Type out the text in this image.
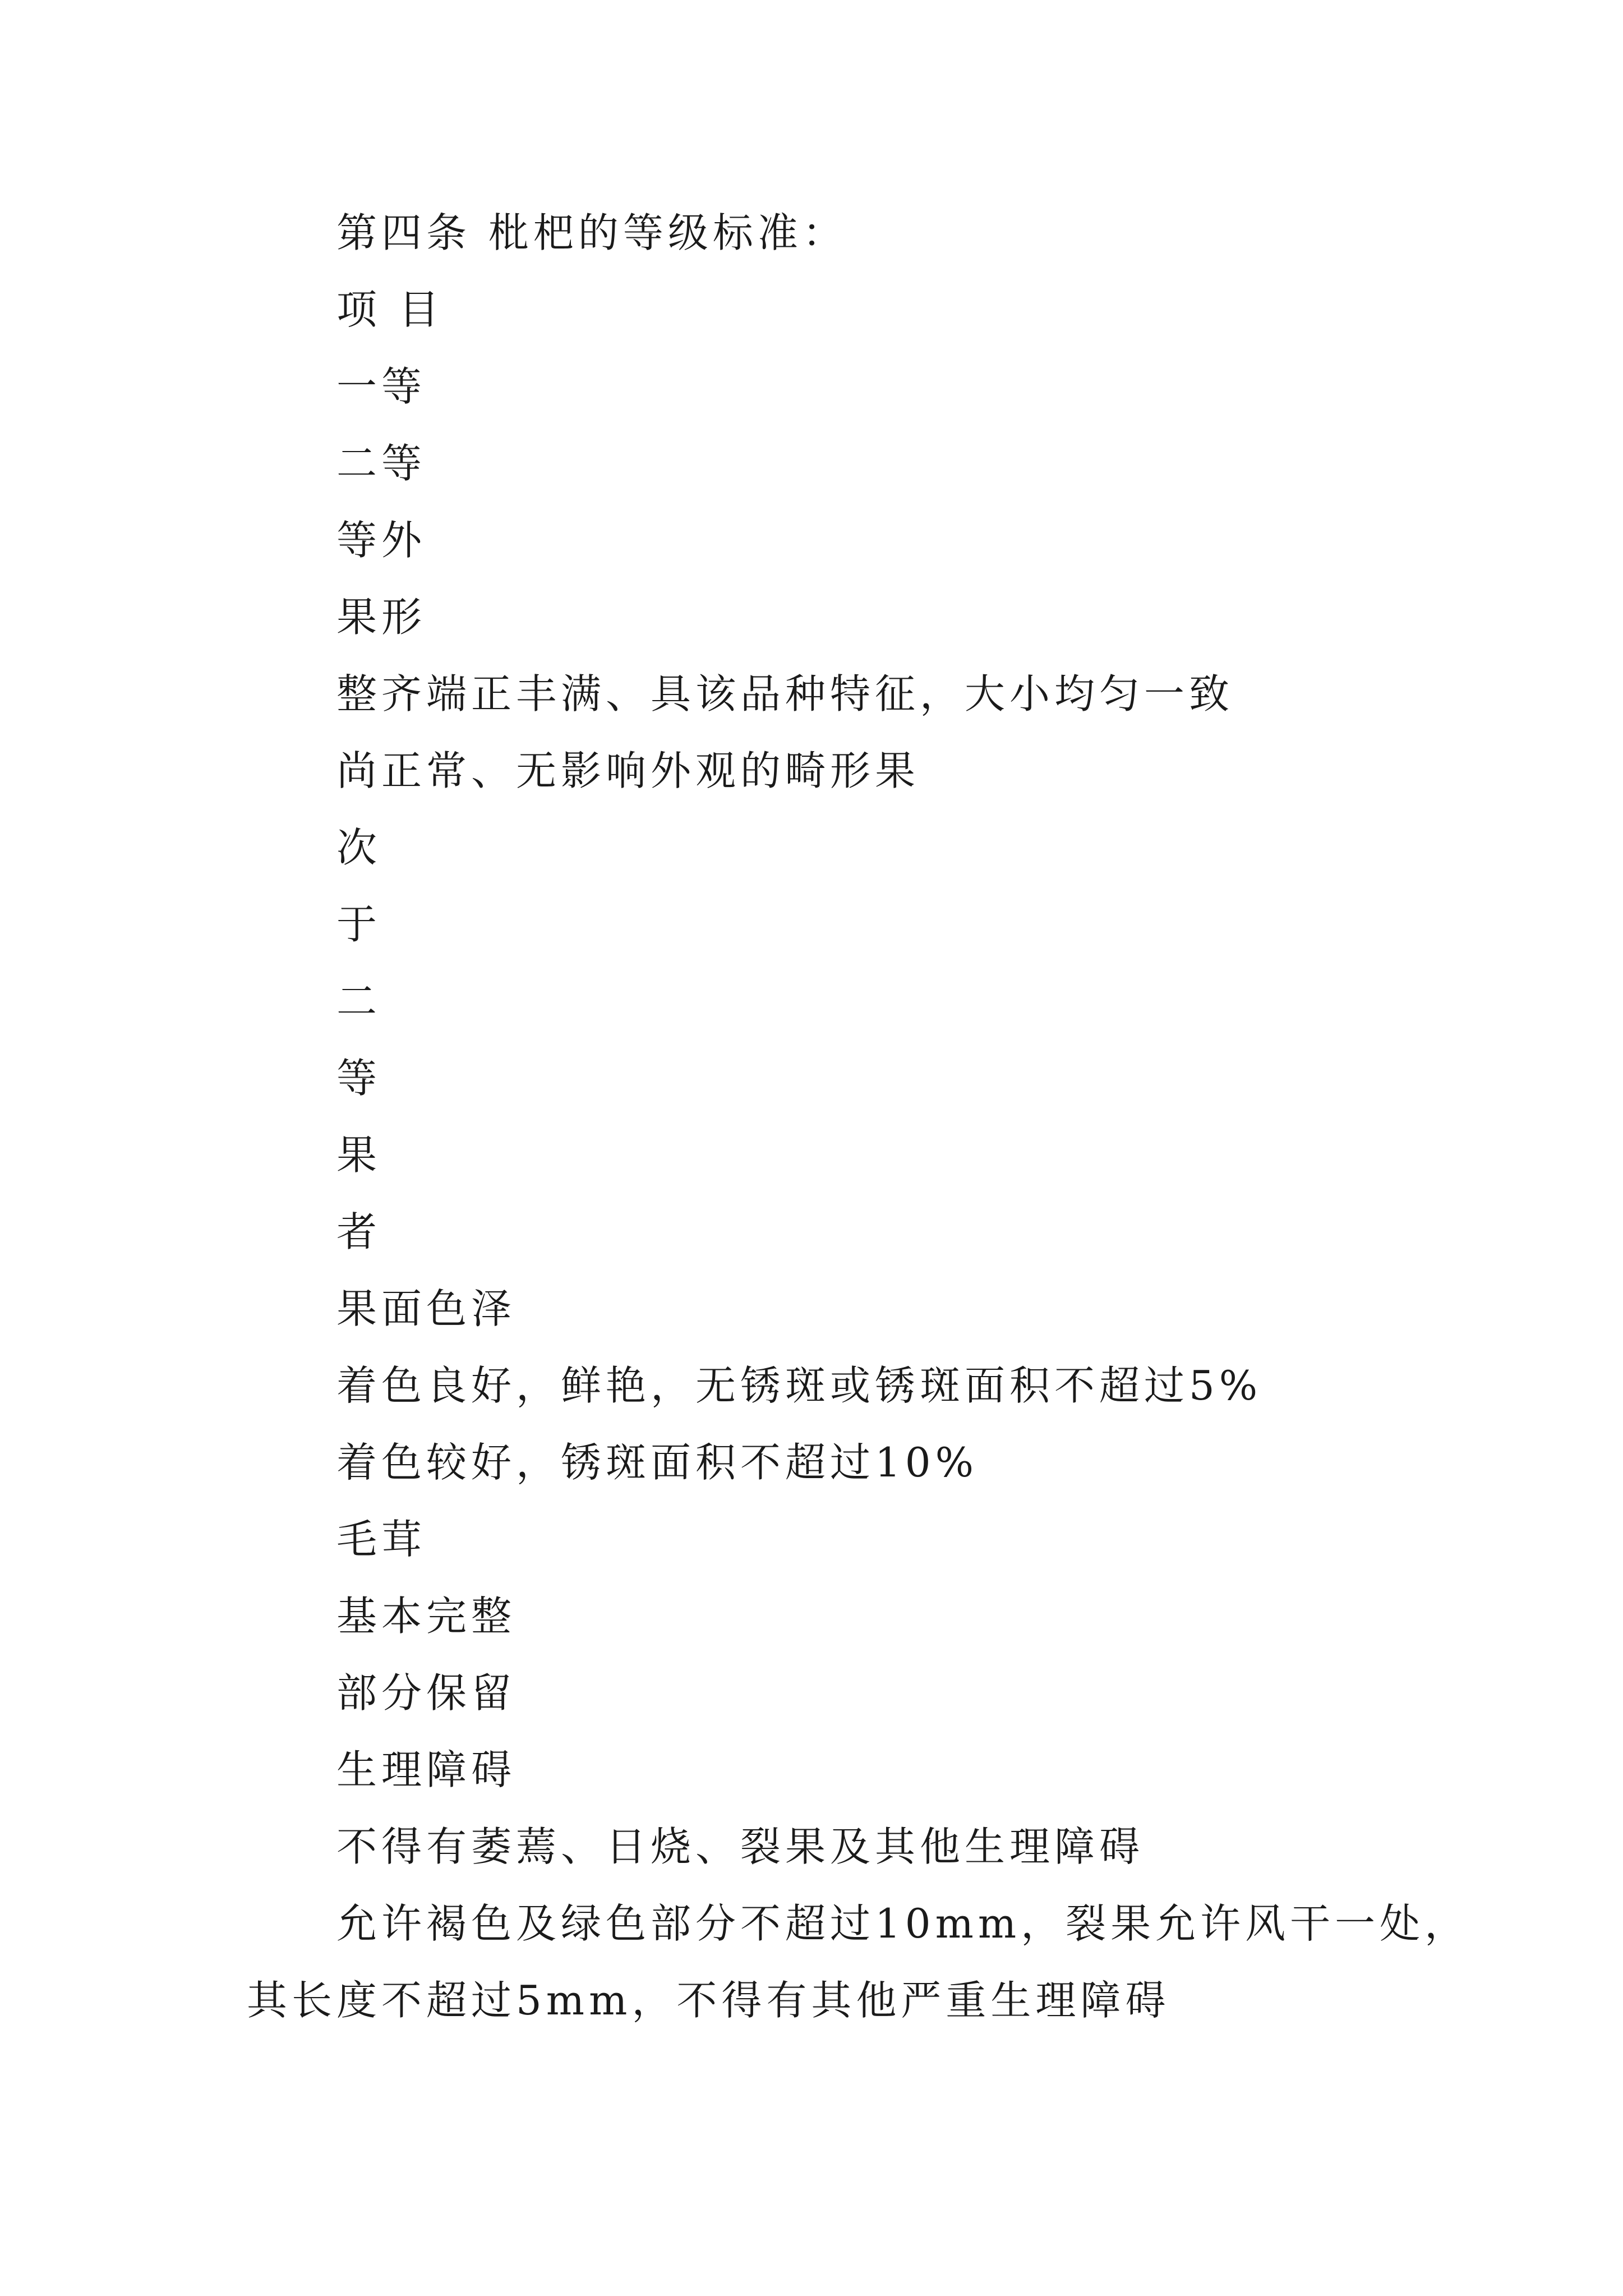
第四条 枇杷的等级标准：

项 目

一等

二等

等外

果形

整齐端正丰满、具该品种特征，大小均匀一致

尚正常、无影响外观的畸形果

次

于

二

等

果

者

果面色泽

着色良好，鲜艳，无锈斑或锈斑面积不超过5%

着色较好，锈斑面积不超过10%

毛茸

基本完整

部分保留

生理障碍

不得有萎蔫、日烧、裂果及其他生理障碍

允许褐色及绿色部分不超过10mm，裂果允许风干一处，

其长度不超过5mm，不得有其他严重生理障碍
